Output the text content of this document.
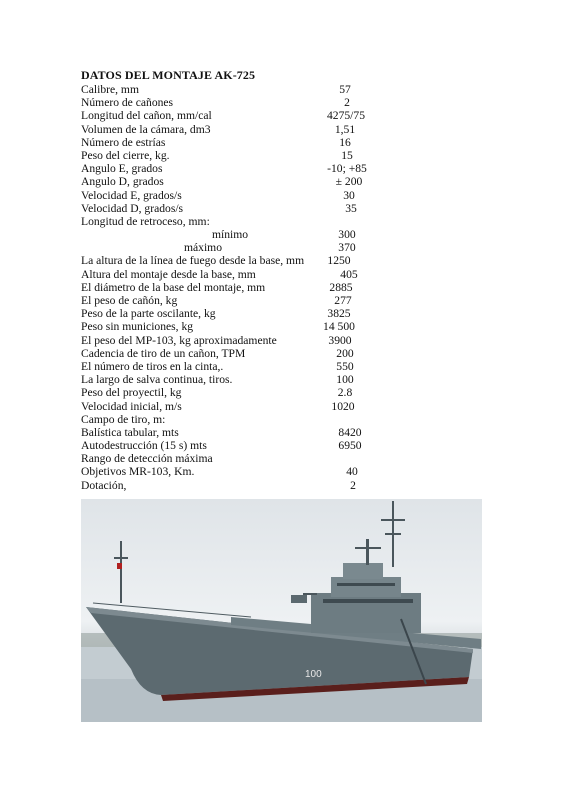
DATOS DEL MONTAJE AK-725
Calibre, mm	57
Número de cañones	2
Longitud del cañon, mm/cal	4275/75
Volumen de la cámara, dm3	1,51
Número de estrías	16
Peso del cierre, kg.	15
Angulo E, grados	-10; +85
Angulo D, grados	± 200
Velocidad E, grados/s	30
Velocidad D, grados/s	35
Longitud de retroceso, mm:
mínimo	300
máximo	370
La altura de la línea de fuego desde la base, mm	1250
Altura del montaje desde la base, mm	405
El diámetro de la base del montaje, mm	2885
El peso de cañón, kg	277
Peso de la parte oscilante, kg	3825
Peso sin municiones, kg	14 500
El peso del MP-103, kg aproximadamente	3900
Cadencia de tiro de un cañon, TPM	200
El número de tiros en la cinta,.	550
La largo de salva continua, tiros.	100
Peso del proyectil, kg	2.8
Velocidad inicial, m/s	1020
Campo de tiro, m:
Balística tabular, mts	8420
Autodestrucción (15 s) mts	6950
Rango de detección máxima
Objetivos MR-103, Km.	40
Dotación,	2
100
